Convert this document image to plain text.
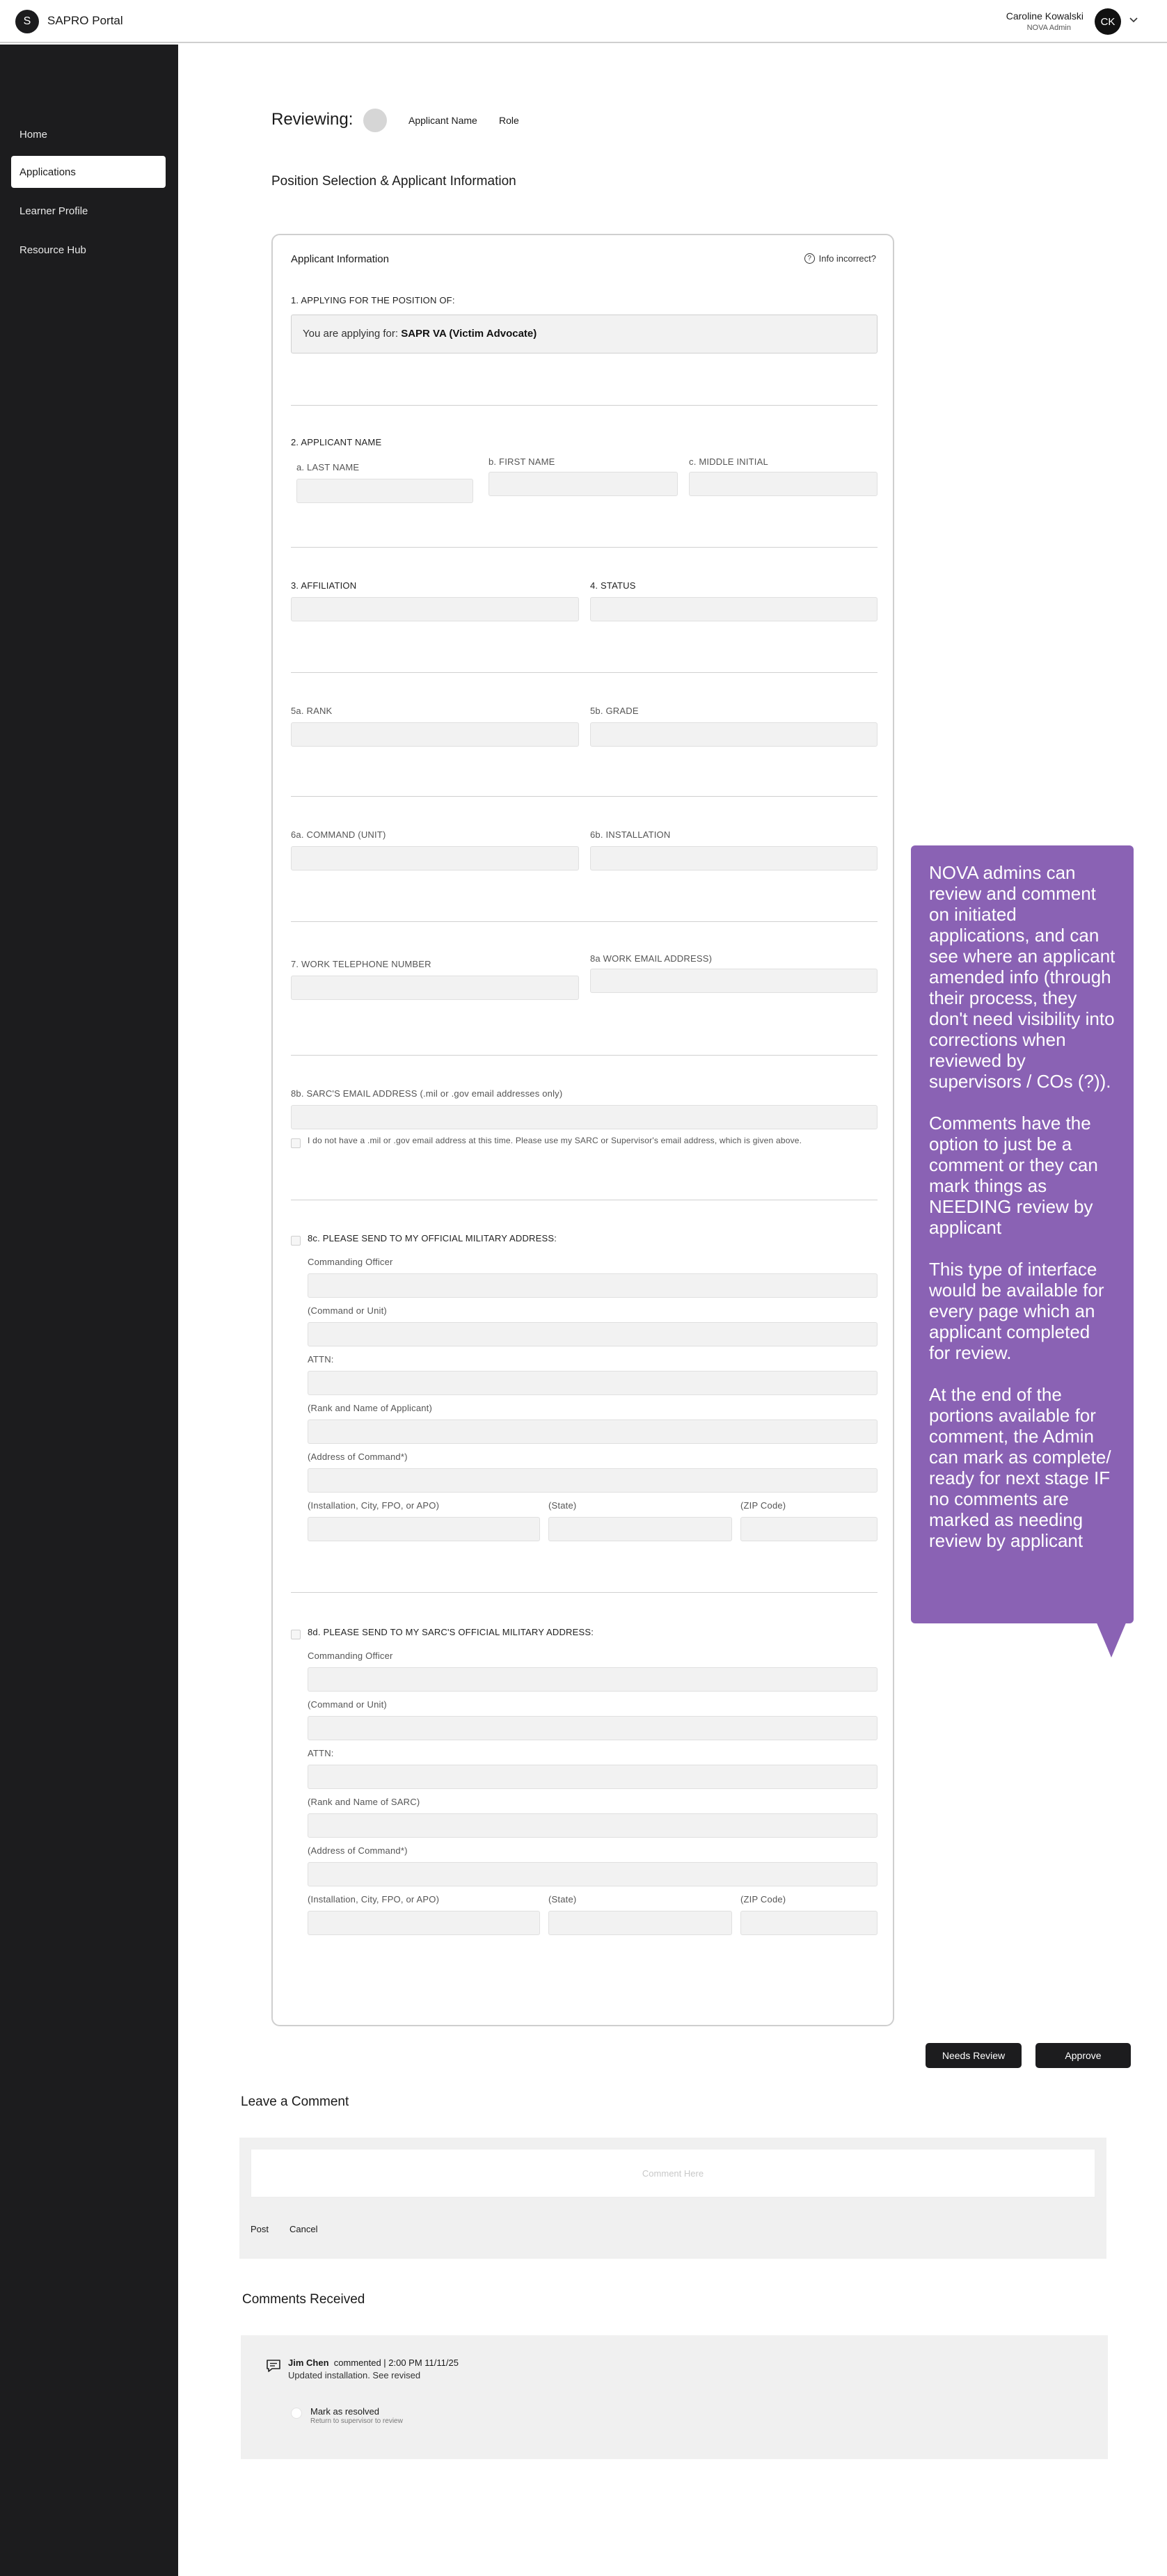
S	SAPRO Portal	Caroline Kowalski
NOVA Admin
CK
Home
Applications
Learner Profile
Resource Hub
Reviewing:	Applicant Name Role
Position Selection & Applicant Information
Applicant Information	? Info incorrect?
1. APPLYING FOR THE POSITION OF:
You are applying for: SAPR VA (Victim Advocate)
2. APPLICANT NAME
a. LAST NAME
b. FIRST NAME	c. MIDDLE INITIAL
3. AFFILIATION	4. STATUS
5a. RANK	5b. GRADE
6a. COMMAND (UNIT)	6b. INSTALLATION
7. WORK TELEPHONE NUMBER
8a WORK EMAIL ADDRESS)
8b. SARC'S EMAIL ADDRESS (.mil or .gov email addresses only)
I do not have a .mil or .gov email address at this time. Please use my SARC or Supervisor's email address, which is given above.
8c. PLEASE SEND TO MY OFFICIAL MILITARY ADDRESS:
Commanding Officer
(Command or Unit)
ATTN:
(Rank and Name of Applicant)
(Address of Command*)
(Installation, City, FPO, or APO)	(State)	(ZIP Code)
8d. PLEASE SEND TO MY SARC'S OFFICIAL MILITARY ADDRESS:
Commanding Officer
(Command or Unit)
ATTN:
(Rank and Name of SARC)
(Address of Command*)
(Installation, City, FPO, or APO)	(State)	(ZIP Code)

NOVA admins can review and comment on initiated applications, and can see where an applicant amended info (through their process, they don't need visibility into corrections when reviewed by supervisors / COs (?)).

Comments have the option to just be a comment or they can mark things as NEEDING review by applicant

This type of interface would be available for every page which an applicant completed for review.

At the end of the portions available for comment, the Admin can mark as complete/ ready for next stage IF no comments are marked as needing review by applicant

Needs Review	Approve
Leave a Comment
Comment Here
Post Cancel
Comments Received
Jim Chen commented | 2:00 PM 11/11/25
Updated installation. See revised
Mark as resolved
Return to supervisor to review
